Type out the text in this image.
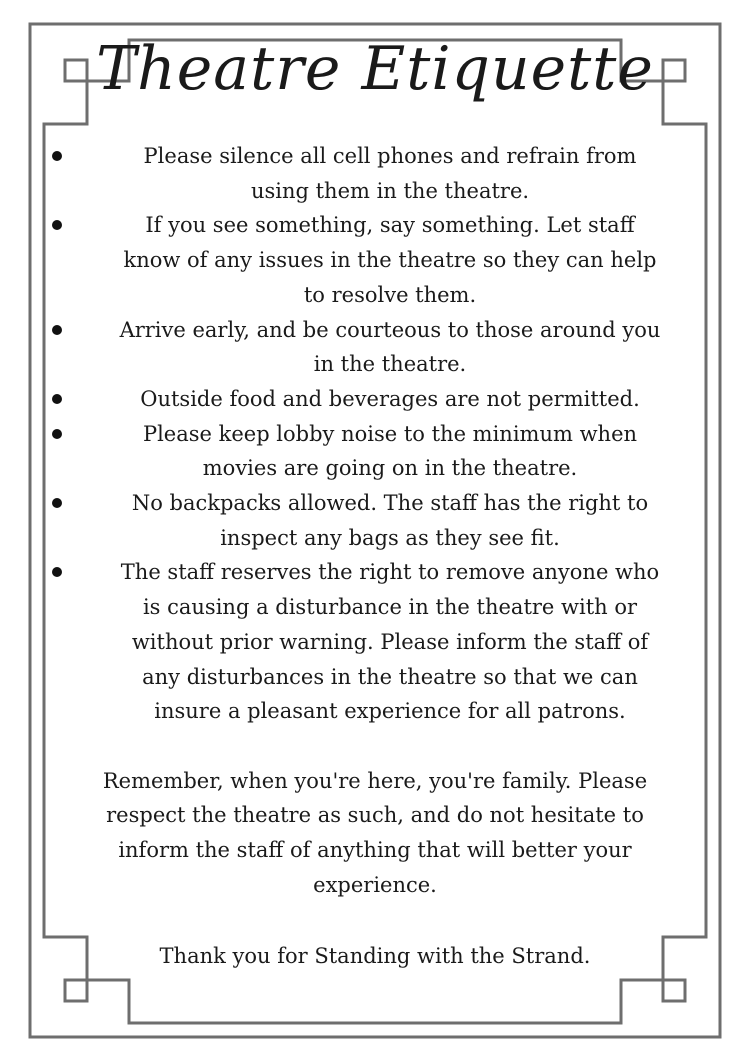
Theatre Etiquette
Please silence all cell phones and refrain from
using them in the theatre.
If you see something, say something. Let staff
know of any issues in the theatre so they can help
to resolve them.
Arrive early, and be courteous to those around you
in the theatre.
Outside food and beverages are not permitted.
Please keep lobby noise to the minimum when
movies are going on in the theatre.
No backpacks allowed. The staff has the right to
inspect any bags as they see fit.
The staff reserves the right to remove anyone who
is causing a disturbance in the theatre with or
without prior warning. Please inform the staff of
any disturbances in the theatre so that we can
insure a pleasant experience for all patrons.
Remember, when you're here, you're family. Please
respect the theatre as such, and do not hesitate to
inform the staff of anything that will better your
experience.
Thank you for Standing with the Strand.
